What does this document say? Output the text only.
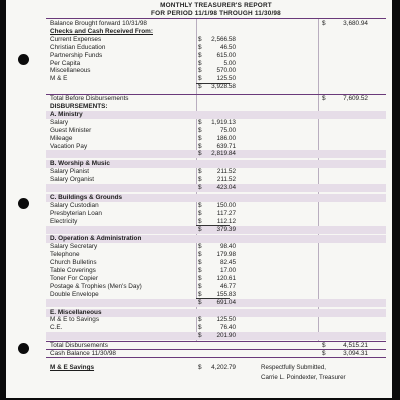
MONTHLY TREASURER'S REPORT
FOR PERIOD 11/1/98 THROUGH 11/30/98
Balance Brought forward 10/31/98	$	3,680.94
Checks and Cash Received From:
Current Expenses	$	2,566.58
Christian Education	$	46.50
Partnership Funds	$	615.00
Per Capita	$	5.00
Miscellaneous	$	570.00
M & E	$	125.50
$	3,928.58
Total Before Disbursements	$	7,609.52
DISBURSEMENTS:
A. Ministry
Salary	$	1,919.13
Guest Minister	$	75.00
Mileage	$	186.00
Vacation Pay	$	639.71
$	2,819.84
B. Worship & Music
Salary Pianist	$	211.52
Salary Organist	$	211.52
$	423.04
C. Buildings & Grounds
Salary Custodian	$	150.00
Presbyterian Loan	$	117.27
Electricity	$	112.12
$	379.39
D. Operation & Administration
Salary Secretary	$	98.40
Telephone	$	179.98
Church Bulletins	$	82.45
Table Coverings	$	17.00
Toner For Copier	$	120.61
Postage & Trophies (Men's Day)	$	46.77
Double Envelope	$	155.83
$	691.04
E. Miscellaneous
M & E to Savings	$	125.50
C.E.	$	76.40
$	201.90
Total Disbursements	$	4,515.21
Cash Balance 11/30/98	$	3,094.31
M & E Savings	$	4,202.79	Respectfully Submitted,
Carrie L. Poindexter, Treasurer
